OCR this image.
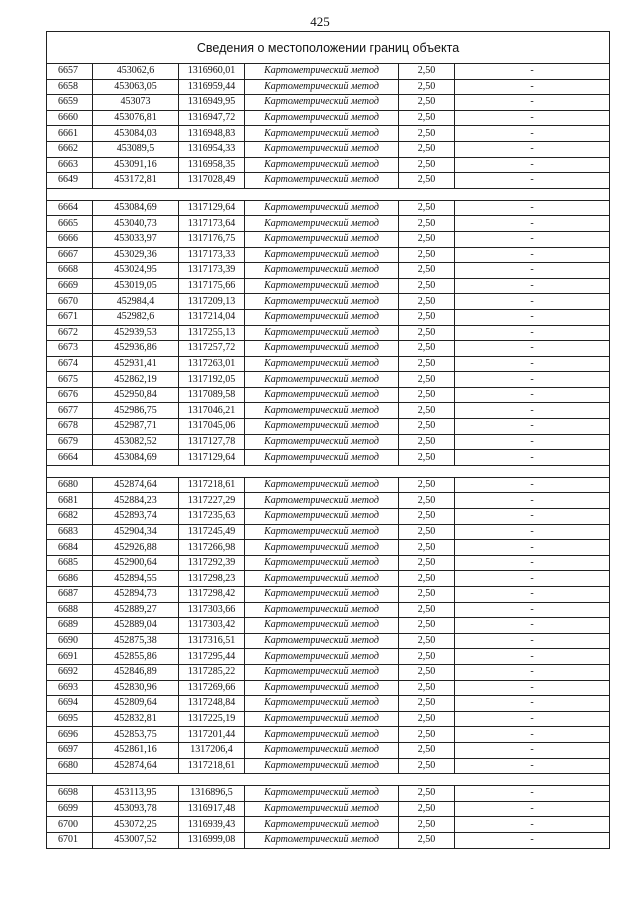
425
Сведения о местоположении границ объекта					
6657	453062,6	1316960,01	Картометрический метод	2,50	-
6658	453063,05	1316959,44	Картометрический метод	2,50	-
6659	453073	1316949,95	Картометрический метод	2,50	-
6660	453076,81	1316947,72	Картометрический метод	2,50	-
6661	453084,03	1316948,83	Картометрический метод	2,50	-
6662	453089,5	1316954,33	Картометрический метод	2,50	-
6663	453091,16	1316958,35	Картометрический метод	2,50	-
6649	453172,81	1317028,49	Картометрический метод	2,50	-

6664	453084,69	1317129,64	Картометрический метод	2,50	-
6665	453040,73	1317173,64	Картометрический метод	2,50	-
6666	453033,97	1317176,75	Картометрический метод	2,50	-
6667	453029,36	1317173,33	Картометрический метод	2,50	-
6668	453024,95	1317173,39	Картометрический метод	2,50	-
6669	453019,05	1317175,66	Картометрический метод	2,50	-
6670	452984,4	1317209,13	Картометрический метод	2,50	-
6671	452982,6	1317214,04	Картометрический метод	2,50	-
6672	452939,53	1317255,13	Картометрический метод	2,50	-
6673	452936,86	1317257,72	Картометрический метод	2,50	-
6674	452931,41	1317263,01	Картометрический метод	2,50	-
6675	452862,19	1317192,05	Картометрический метод	2,50	-
6676	452950,84	1317089,58	Картометрический метод	2,50	-
6677	452986,75	1317046,21	Картометрический метод	2,50	-
6678	452987,71	1317045,06	Картометрический метод	2,50	-
6679	453082,52	1317127,78	Картометрический метод	2,50	-
6664	453084,69	1317129,64	Картометрический метод	2,50	-

6680	452874,64	1317218,61	Картометрический метод	2,50	-
6681	452884,23	1317227,29	Картометрический метод	2,50	-
6682	452893,74	1317235,63	Картометрический метод	2,50	-
6683	452904,34	1317245,49	Картометрический метод	2,50	-
6684	452926,88	1317266,98	Картометрический метод	2,50	-
6685	452900,64	1317292,39	Картометрический метод	2,50	-
6686	452894,55	1317298,23	Картометрический метод	2,50	-
6687	452894,73	1317298,42	Картометрический метод	2,50	-
6688	452889,27	1317303,66	Картометрический метод	2,50	-
6689	452889,04	1317303,42	Картометрический метод	2,50	-
6690	452875,38	1317316,51	Картометрический метод	2,50	-
6691	452855,86	1317295,44	Картометрический метод	2,50	-
6692	452846,89	1317285,22	Картометрический метод	2,50	-
6693	452830,96	1317269,66	Картометрический метод	2,50	-
6694	452809,64	1317248,84	Картометрический метод	2,50	-
6695	452832,81	1317225,19	Картометрический метод	2,50	-
6696	452853,75	1317201,44	Картометрический метод	2,50	-
6697	452861,16	1317206,4	Картометрический метод	2,50	-
6680	452874,64	1317218,61	Картометрический метод	2,50	-

6698	453113,95	1316896,5	Картометрический метод	2,50	-
6699	453093,78	1316917,48	Картометрический метод	2,50	-
6700	453072,25	1316939,43	Картометрический метод	2,50	-
6701	453007,52	1316999,08	Картометрический метод	2,50	-
